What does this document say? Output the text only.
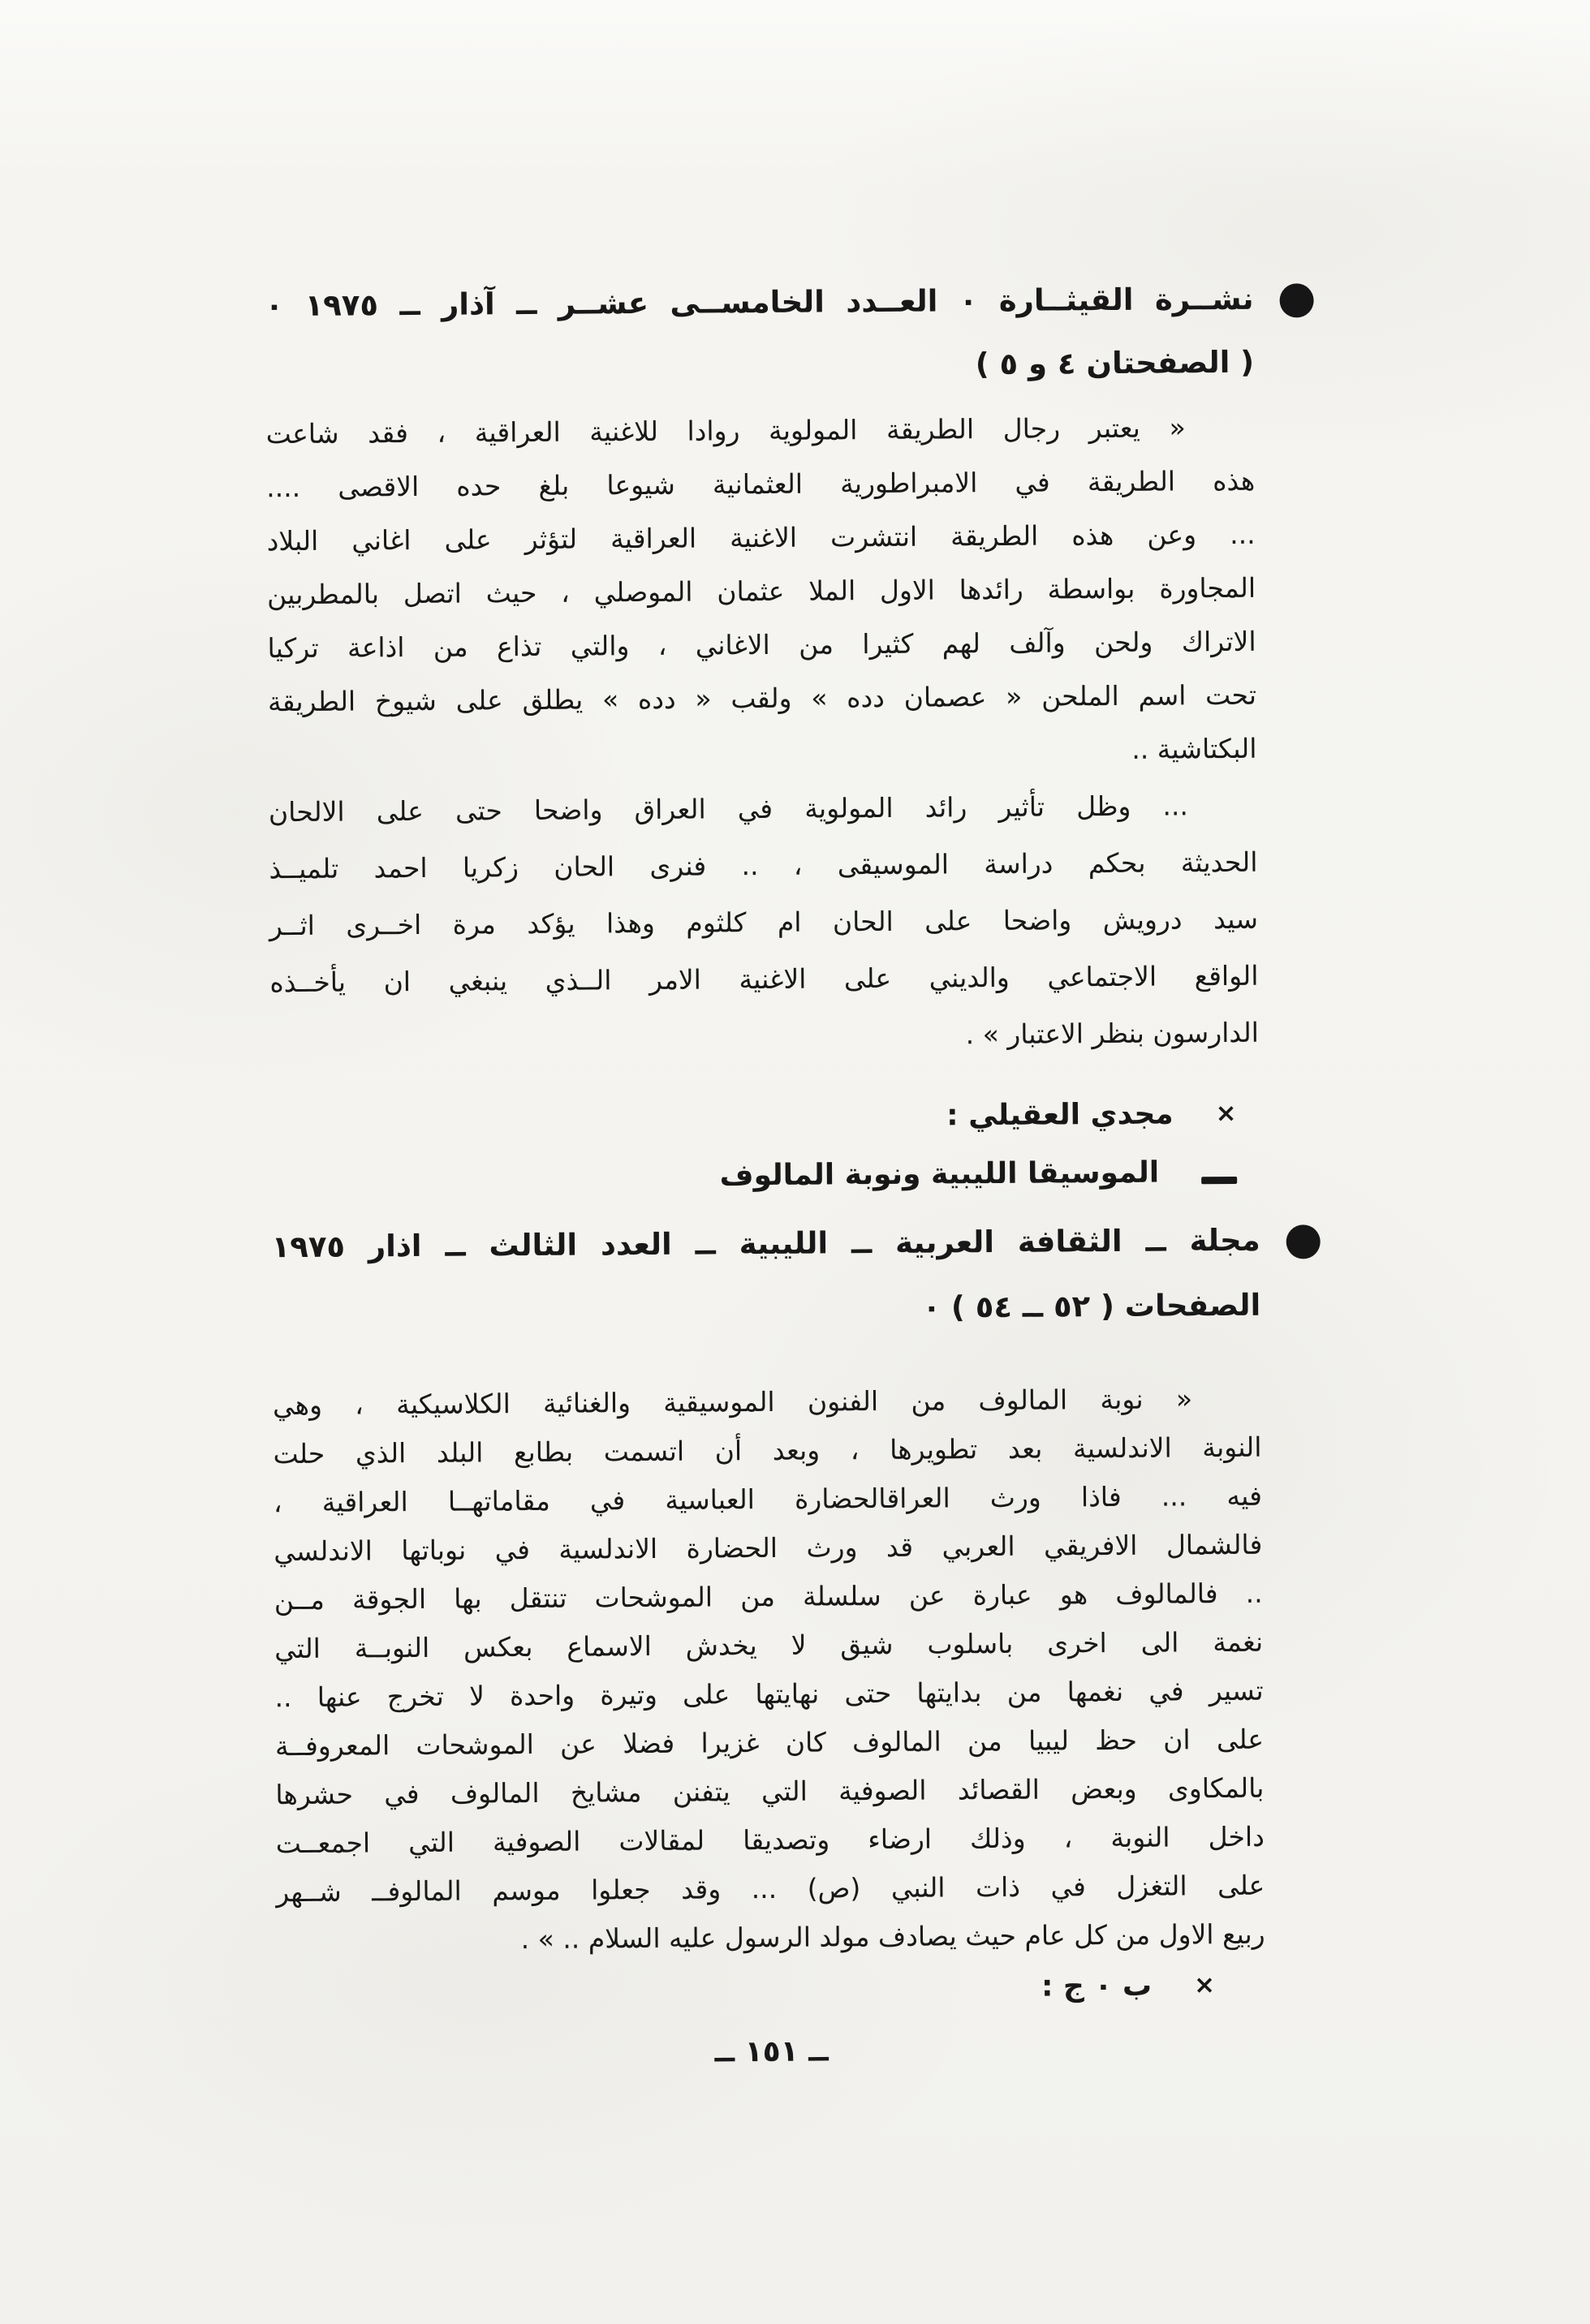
نشــرة القيثــارة ٠ العــدد الخامســى عشــر ــ آذار ــ ١٩٧٥ ٠
( الصفحتان ٤ و ٥ )
« يعتبر رجال الطريقة المولوية روادا للاغنية العراقية ، فقد شاعت
هذه الطريقة في الامبراطورية العثمانية شيوعا بلغ حده الاقصى ....
... وعن هذه الطريقة انتشرت الاغنية العراقية لتؤثر على اغاني البلاد
المجاورة بواسطة رائدها الاول الملا عثمان الموصلي ، حيث اتصل بالمطربين
الاتراك ولحن وآلف لهم كثيرا من الاغاني ، والتي تذاع من اذاعة تركيا
تحت اسم الملحن « عصمان دده » ولقب « دده » يطلق على شيوخ الطريقة
البكتاشية ..
... وظل تأثير رائد المولوية في العراق واضحا حتى على الالحان
الحديثة بحكم دراسة الموسيقى ، .. فنرى الحان زكريا احمد تلميــذ
سيد درويش واضحا على الحان ام كلثوم وهذا يؤكد مرة اخــرى اثــر
الواقع الاجتماعي والديني على الاغنية الامر الــذي ينبغي ان يأخــذه
الدارسون بنظر الاعتبار » .
×
مجدي العقيلي :
الموسيقا الليبية ونوبة المالوف
مجلة ــ الثقافة العربية ــ الليبية ــ العدد الثالث ــ اذار ١٩٧٥
الصفحات ( ٥٢ ــ ٥٤ ) ٠
« نوبة المالوف من الفنون الموسيقية والغنائية الكلاسيكية ، وهي
النوبة الاندلسية بعد تطويرها ، وبعد أن اتسمت بطابع البلد الذي حلت
فيه ... فاذا ورث العراقالحضارة العباسية في مقاماتهــا العراقية ،
فالشمال الافريقي العربي قد ورث الحضارة الاندلسية في نوباتها الاندلسي
.. فالمالوف هو عبارة عن سلسلة من الموشحات تنتقل بها الجوقة مــن
نغمة الى اخرى باسلوب شيق لا يخدش الاسماع بعكس النوبــة التي
تسير في نغمها من بدايتها حتى نهايتها على وتيرة واحدة لا تخرج عنها ..
على ان حظ ليبيا من المالوف كان غزيرا فضلا عن الموشحات المعروفــة
بالمكاوى وبعض القصائد الصوفية التي يتفنن مشايخ المالوف في حشرها
داخل النوبة ، وذلك ارضاء وتصديقا لمقالات الصوفية التي اجمعــت
على التغزل في ذات النبي (ص) ... وقد جعلوا موسم المالوفــ شــهر
ربيع الاول من كل عام حيث يصادف مولد الرسول عليه السلام .. » .
×
ب ٠ ج :
ــ ١٥١ ــ
